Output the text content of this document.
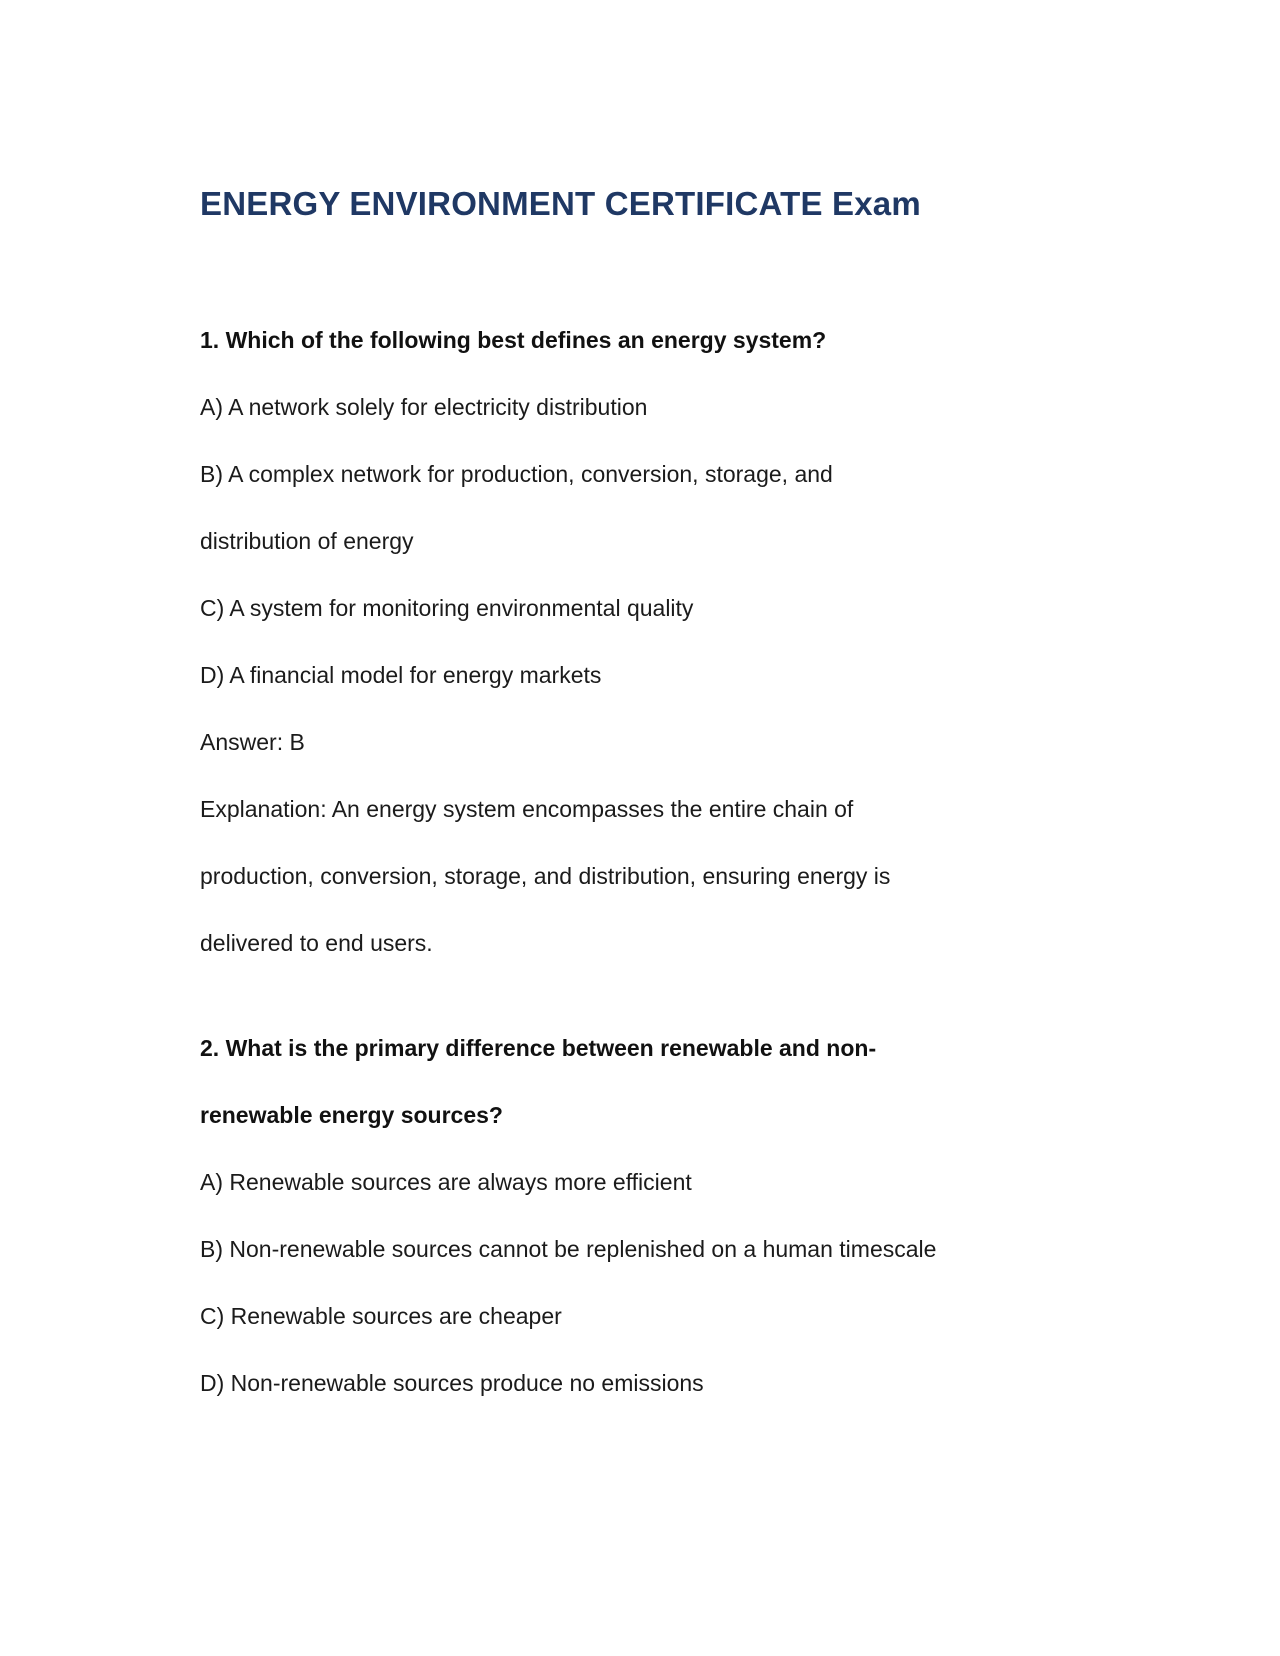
ENERGY ENVIRONMENT CERTIFICATE Exam

1. Which of the following best defines an energy system?

A) A network solely for electricity distribution

B) A complex network for production, conversion, storage, and

distribution of energy

C) A system for monitoring environmental quality

D) A financial model for energy markets

Answer: B

Explanation: An energy system encompasses the entire chain of

production, conversion, storage, and distribution, ensuring energy is

delivered to end users.

2. What is the primary difference between renewable and non-

renewable energy sources?

A) Renewable sources are always more efficient

B) Non-renewable sources cannot be replenished on a human timescale

C) Renewable sources are cheaper

D) Non-renewable sources produce no emissions
